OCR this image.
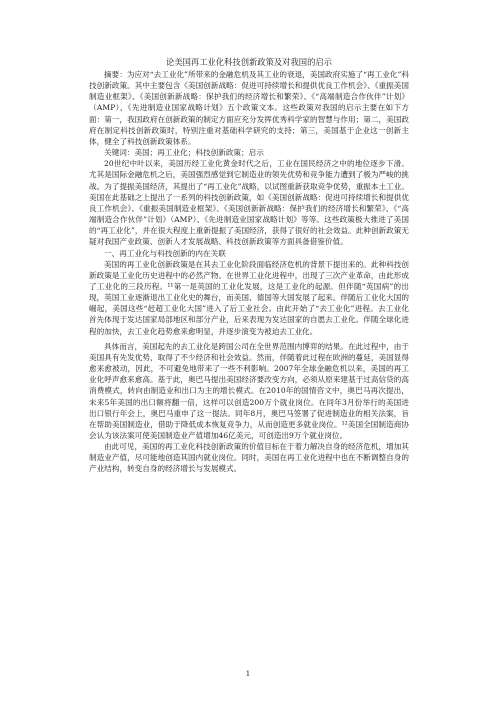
论美国再工业化科技创新政策及对我国的启示

摘要：为应对“去工业化”所带来的金融危机及其工业的衰退，美国政府实施了“再工业化”科技创新政策。其中主要包含《美国创新战略：促进可持续增长和提供优良工作机会》、《重振美国制造业框架》、《美国创新新战略：保护我们的经济增长和繁荣》、《“高端制造合作伙伴”计划》（AMP）、《先进制造业国家战略计划》五个政策文本。这些政策对我国的启示主要在如下方面：第一，我国政府在创新政策的制定方面应充分发挥优秀科学家的智慧与作用；第二，美国政府在制定科技创新政策时，特别注重对基础科学研究的支持；第三，美国基于企业这一创新主体，健全了科技创新政策体系。

关键词：美国；再工业化；科技创新政策；启示

20世纪中叶以来，美国历经工业化黄金时代之后，工业在国民经济之中的地位逐步下滑。尤其是国际金融危机之后，美国强烈感觉到它制造业的领先优势和竞争能力遭到了极为严峻的挑战。为了提振美国经济，其提出了“再工业化”战略，以试图重新获取竞争优势，重振本土工业。美国在此基础之上提出了一系列的科技创新政策，如《美国创新战略：促进可持续增长和提供优良工作机会》、《重振美国制造业框架》、《美国创新新战略：保护我们的经济增长和繁荣》、《“高端制造合作伙伴”计划》（AMP）、《先进制造业国家战略计划》等等。这些政策极大推进了美国的“再工业化”，并在很大程度上重新提振了美国经济，获得了很好的社会效益。此种创新政策无疑对我国产业政策、创新人才发展战略、科技创新政策等方面具备借鉴价值。

一、再工业化与科技创新的内在关联

美国的再工业化创新政策是在其去工业化阶段面临经济危机的背景下提出来的。此种科技创新政策是工业化历史进程中的必然产物。在世界工业化进程中，出现了三次产业革命，由此形成了工业化的三段历程。¹¹第一是英国的工业化发展，这是工业化的起源。但伴随“英国病”的出现，英国工业逐渐退出工业化史的舞台，而美国、德国等大国发展了起来。伴随后工业化大国的崛起，美国这些“赶超工业化大国”进入了后工业社会。由此开始了“去工业化”进程。去工业化首先体现于发达国家局部地区和部分产业，后来表现为发达国家的自愿去工业化。伴随全球化进程的加快，去工业化趋势愈来愈明显，并逐步演变为被迫去工业化。

具体而言，美国起先的去工业化是跨国公司在全世界范围内博弈的结果。在此过程中，由于美国具有先发优势，取得了不少经济和社会效益。然而，伴随着此过程在欧洲的蔓延，美国显得愈来愈被动，因此，不可避免地带来了一些不利影响。2007年全球金融危机以来，美国的再工业化呼声愈来愈高。基于此，奥巴马提出美国经济要改变方向，必须从原来建基于过高信贷的高消费模式，转向由制造业和出口为主的增长模式。在2010年的国情咨文中，奥巴马再次提出，未来5年美国的出口额将翻一倍，这样可以创造200万个就业岗位。在同年3月份举行的美国进出口银行年会上，奥巴马重申了这一提法。同年8月，奥巴马签署了促进制造业的相关法案，旨在帮助美国制造业，借助于降低成本恢复竞争力，从而创造更多就业岗位。¹²美国全国制造商协会认为该法案可使美国制造业产值增加46亿美元，可创造出9万个就业岗位。

由此可见，美国的再工业化科技创新政策的价值目标在于着力解决自身的经济危机，增加其制造业产值，尽可能地创造其国内就业岗位。同时，美国在再工业化进程中也在不断调整自身的产业结构，转变自身的经济增长与发展模式。

1
